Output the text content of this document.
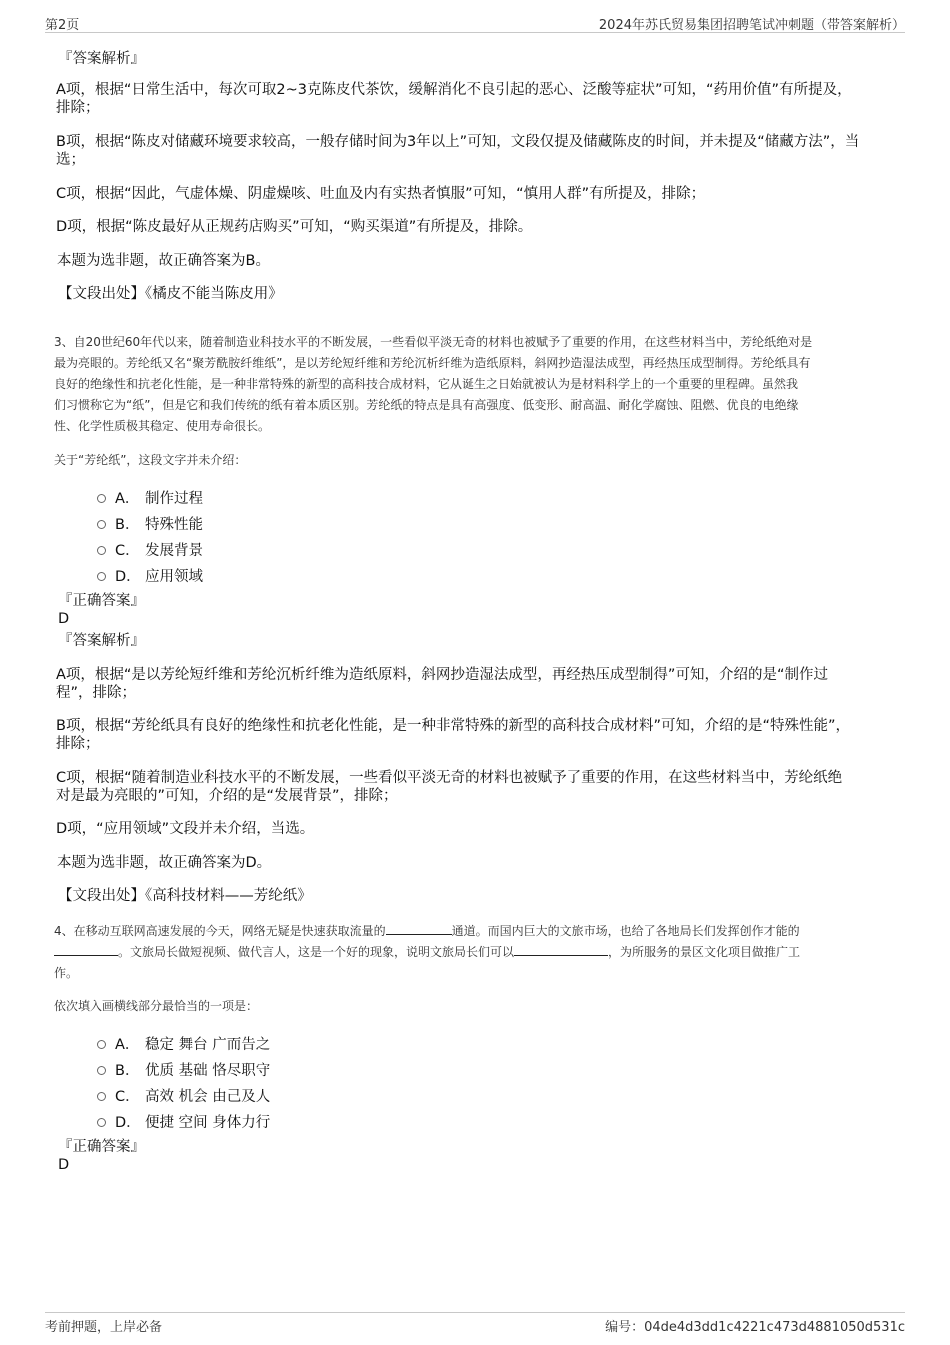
第2页	2024年苏氏贸易集团招聘笔试冲刺题（带答案解析）
『答案解析』
A项，根据“日常生活中，每次可取2~3克陈皮代茶饮，缓解消化不良引起的恶心、泛酸等症状”可知，“药用价值”有所提及，
排除；
B项，根据“陈皮对储藏环境要求较高，一般存储时间为3年以上”可知，文段仅提及储藏陈皮的时间，并未提及“储藏方法”，当
选；
C项，根据“因此，气虚体燥、阴虚燥咳、吐血及内有实热者慎服”可知，“慎用人群”有所提及，排除；
D项，根据“陈皮最好从正规药店购买”可知，“购买渠道”有所提及，排除。
本题为选非题，故正确答案为B。
【文段出处】《橘皮不能当陈皮用》
3、自20世纪60年代以来，随着制造业科技水平的不断发展，一些看似平淡无奇的材料也被赋予了重要的作用，在这些材料当中，芳纶纸绝对是
最为亮眼的。芳纶纸又名“聚芳酰胺纤维纸”，是以芳纶短纤维和芳纶沉析纤维为造纸原料，斜网抄造湿法成型，再经热压成型制得。芳纶纸具有
良好的绝缘性和抗老化性能，是一种非常特殊的新型的高科技合成材料，它从诞生之日始就被认为是材料科学上的一个重要的里程碑。虽然我
们习惯称它为“纸”，但是它和我们传统的纸有着本质区别。芳纶纸的特点是具有高强度、低变形、耐高温、耐化学腐蚀、阻燃、优良的电绝缘
性、化学性质极其稳定、使用寿命很长。
关于“芳纶纸”，这段文字并未介绍：
A． 制作过程
B． 特殊性能
C． 发展背景
D． 应用领域
『正确答案』
D
『答案解析』
A项，根据“是以芳纶短纤维和芳纶沉析纤维为造纸原料，斜网抄造湿法成型，再经热压成型制得”可知，介绍的是“制作过
程”，排除；
B项，根据“芳纶纸具有良好的绝缘性和抗老化性能，是一种非常特殊的新型的高科技合成材料”可知，介绍的是“特殊性能”，
排除；
C项，根据“随着制造业科技水平的不断发展，一些看似平淡无奇的材料也被赋予了重要的作用，在这些材料当中，芳纶纸绝
对是最为亮眼的”可知，介绍的是“发展背景”，排除；
D项，“应用领域”文段并未介绍，当选。
本题为选非题，故正确答案为D。
【文段出处】《高科技材料——芳纶纸》
4、在移动互联网高速发展的今天，网络无疑是快速获取流量的	通道。而国内巨大的文旅市场，也给了各地局长们发挥创作才能的
。文旅局长做短视频、做代言人，这是一个好的现象，说明文旅局长们可以	，为所服务的景区文化项目做推广工
作。
依次填入画横线部分最恰当的一项是：
A． 稳定 舞台 广而告之
B． 优质 基础 恪尽职守
C． 高效 机会 由己及人
D． 便捷 空间 身体力行
『正确答案』
D
考前押题，上岸必备	编号：04de4d3dd1c4221c473d4881050d531c
